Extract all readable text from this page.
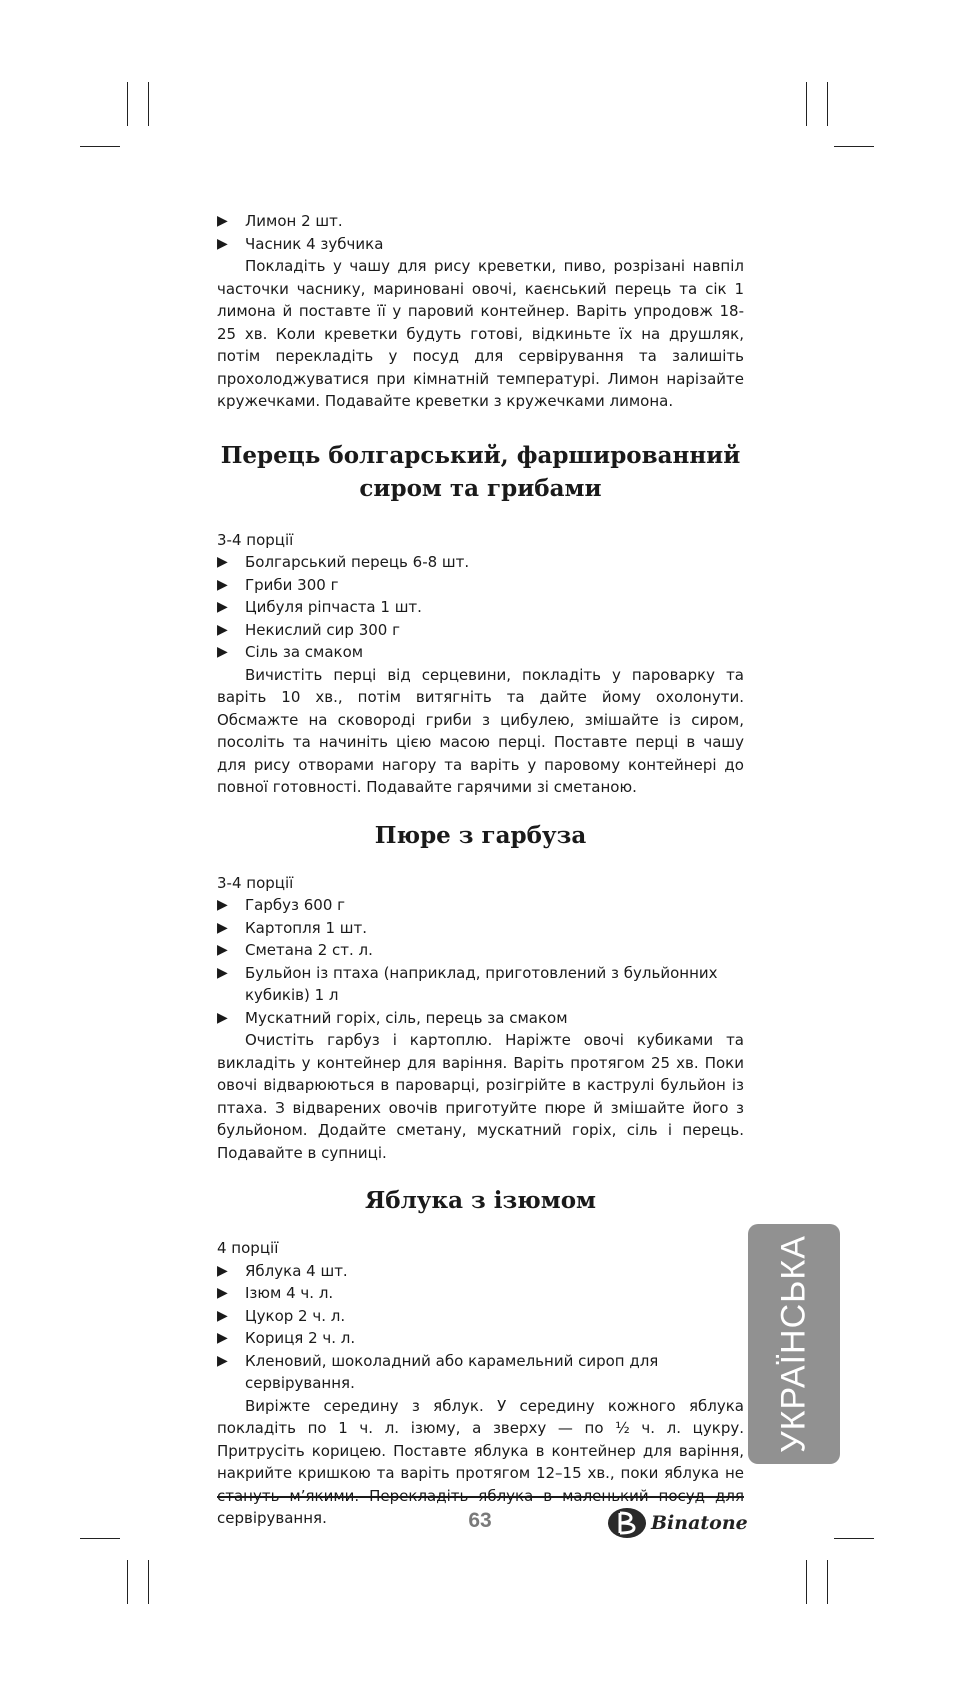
▶ Лимон 2 шт.
▶ Часник 4 зубчика
Покладіть у чашу для рису креветки, пиво, розрізані навпіл часточки часнику, мариновані овочі, каєнський перець та сік 1 лимона й поставте її у паровий контейнер. Варіть упродовж 18-25 хв. Коли креветки будуть готові, відкиньте їх на друшляк, потім перекладіть у посуд для сервірування та залишіть прохолоджуватися при кімнатній температурі. Лимон нарізайте кружечками. Подавайте креветки з кружечками лимона.
Перець болгарський, фаршированний
сиром та грибами
3-4 порції
▶ Болгарський перець 6-8 шт.
▶ Гриби 300 г
▶ Цибуля ріпчаста 1 шт.
▶ Некислий сир 300 г
▶ Сіль за смаком
Вичистіть перці від серцевини, покладіть у пароварку та варіть 10 хв., потім витягніть та дайте йому охолонути. Обсмажте на сковороді гриби з цибулею, змішайте із сиром, посоліть та начиніть цією масою перці. Поставте перці в чашу для рису отворами нагору та варіть у паровому контейнері до повної готовності. Подавайте гарячими зі сметаною.
Пюре з гарбуза
3-4 порції
▶ Гарбуз 600 г
▶ Картопля 1 шт.
▶ Сметана 2 ст. л.
▶ Бульйон із птаха (наприклад, приготовлений з бульйонних кубиків) 1 л
▶ Мускатний горіх, сіль, перець за смаком
Очистіть гарбуз і картоплю. Наріжте овочі кубиками та викладіть у контейнер для варіння. Варіть протягом 25 хв. Поки овочі відварюються в пароварці, розігрійте в каструлі бульйон із птаха. З відварених овочів приготуйте пюре й змішайте його з бульйоном. Додайте сметану, мускатний горіх, сіль і перець. Подавайте в супниці.
Яблука з ізюмом
4 порції
▶ Яблука 4 шт.
▶ Ізюм 4 ч. л.
▶ Цукор 2 ч. л.
▶ Кориця 2 ч. л.
▶ Кленовий, шоколадний або карамельний сироп для сервірування.
Виріжте середину з яблук. У середину кожного яблука покладіть по 1 ч. л. ізюму, а зверху — по ½ ч. л. цукру. Притрусіть корицею. Поставте яблука в контейнер для варіння, накрийте кришкою та варіть протягом 12–15 хв., поки яблука не сервірування.
УКРАЇНСЬКА
63	Binatone
